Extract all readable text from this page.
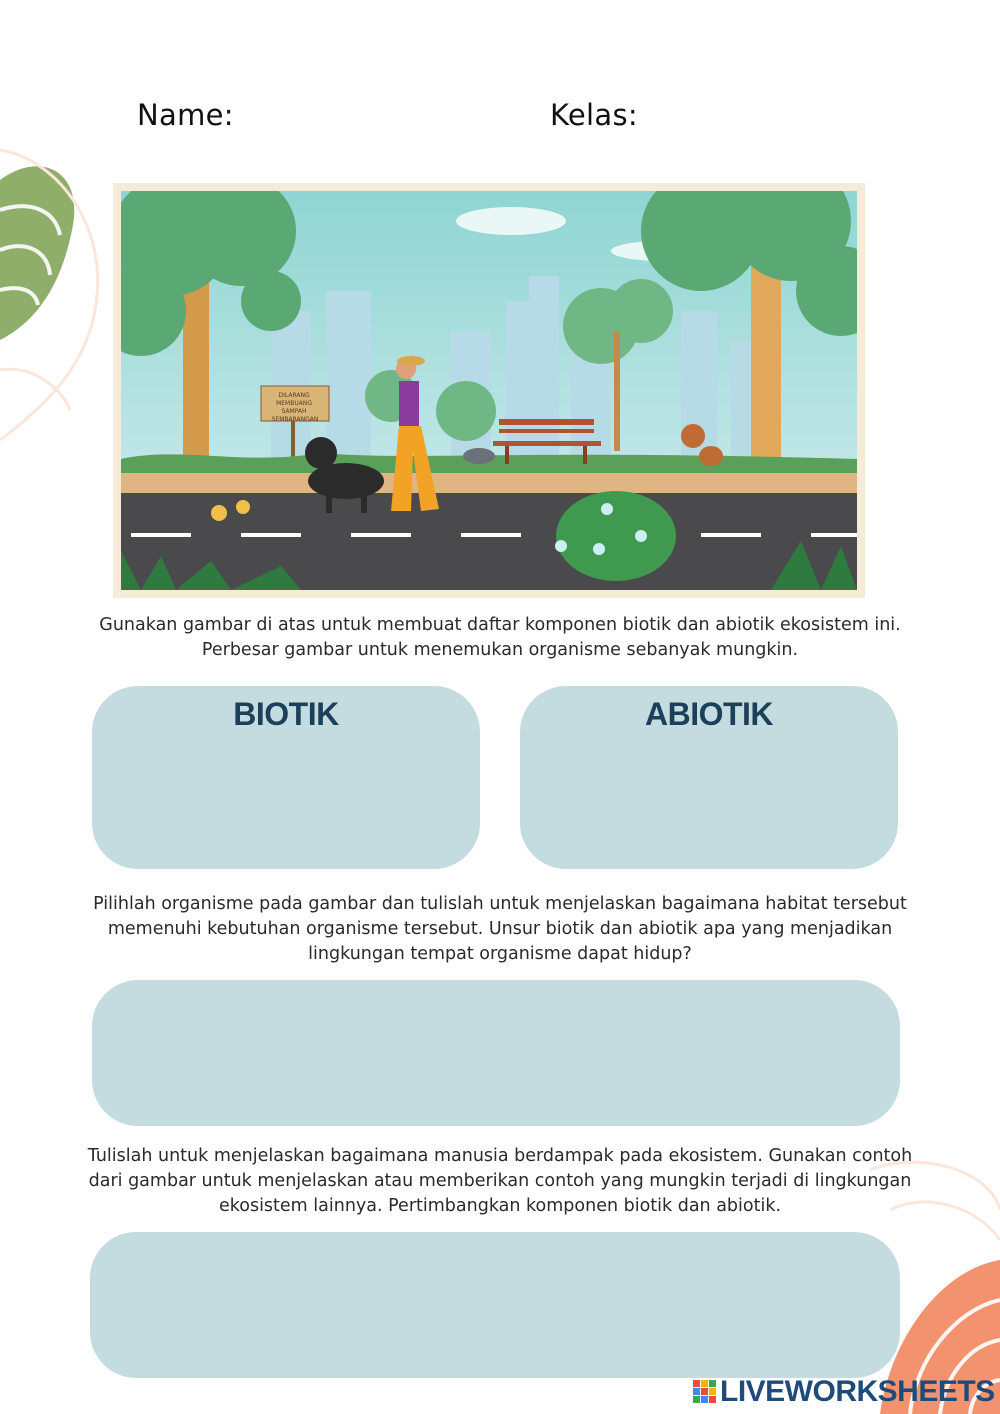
Name:	Kelas:
DILARANG MEMBUANG SAMPAH SEMBARANGAN
Gunakan gambar di atas untuk membuat daftar komponen biotik dan abiotik ekosistem ini.
Perbesar gambar untuk menemukan organisme sebanyak mungkin.
BIOTIK	ABIOTIK
Pilihlah organisme pada gambar dan tulislah untuk menjelaskan bagaimana habitat tersebut
memenuhi kebutuhan organisme tersebut. Unsur biotik dan abiotik apa yang menjadikan
lingkungan tempat organisme dapat hidup?
Tulislah untuk menjelaskan bagaimana manusia berdampak pada ekosistem. Gunakan contoh
dari gambar untuk menjelaskan atau memberikan contoh yang mungkin terjadi di lingkungan
ekosistem lainnya. Pertimbangkan komponen biotik dan abiotik.
LIVEWORKSHEETS
